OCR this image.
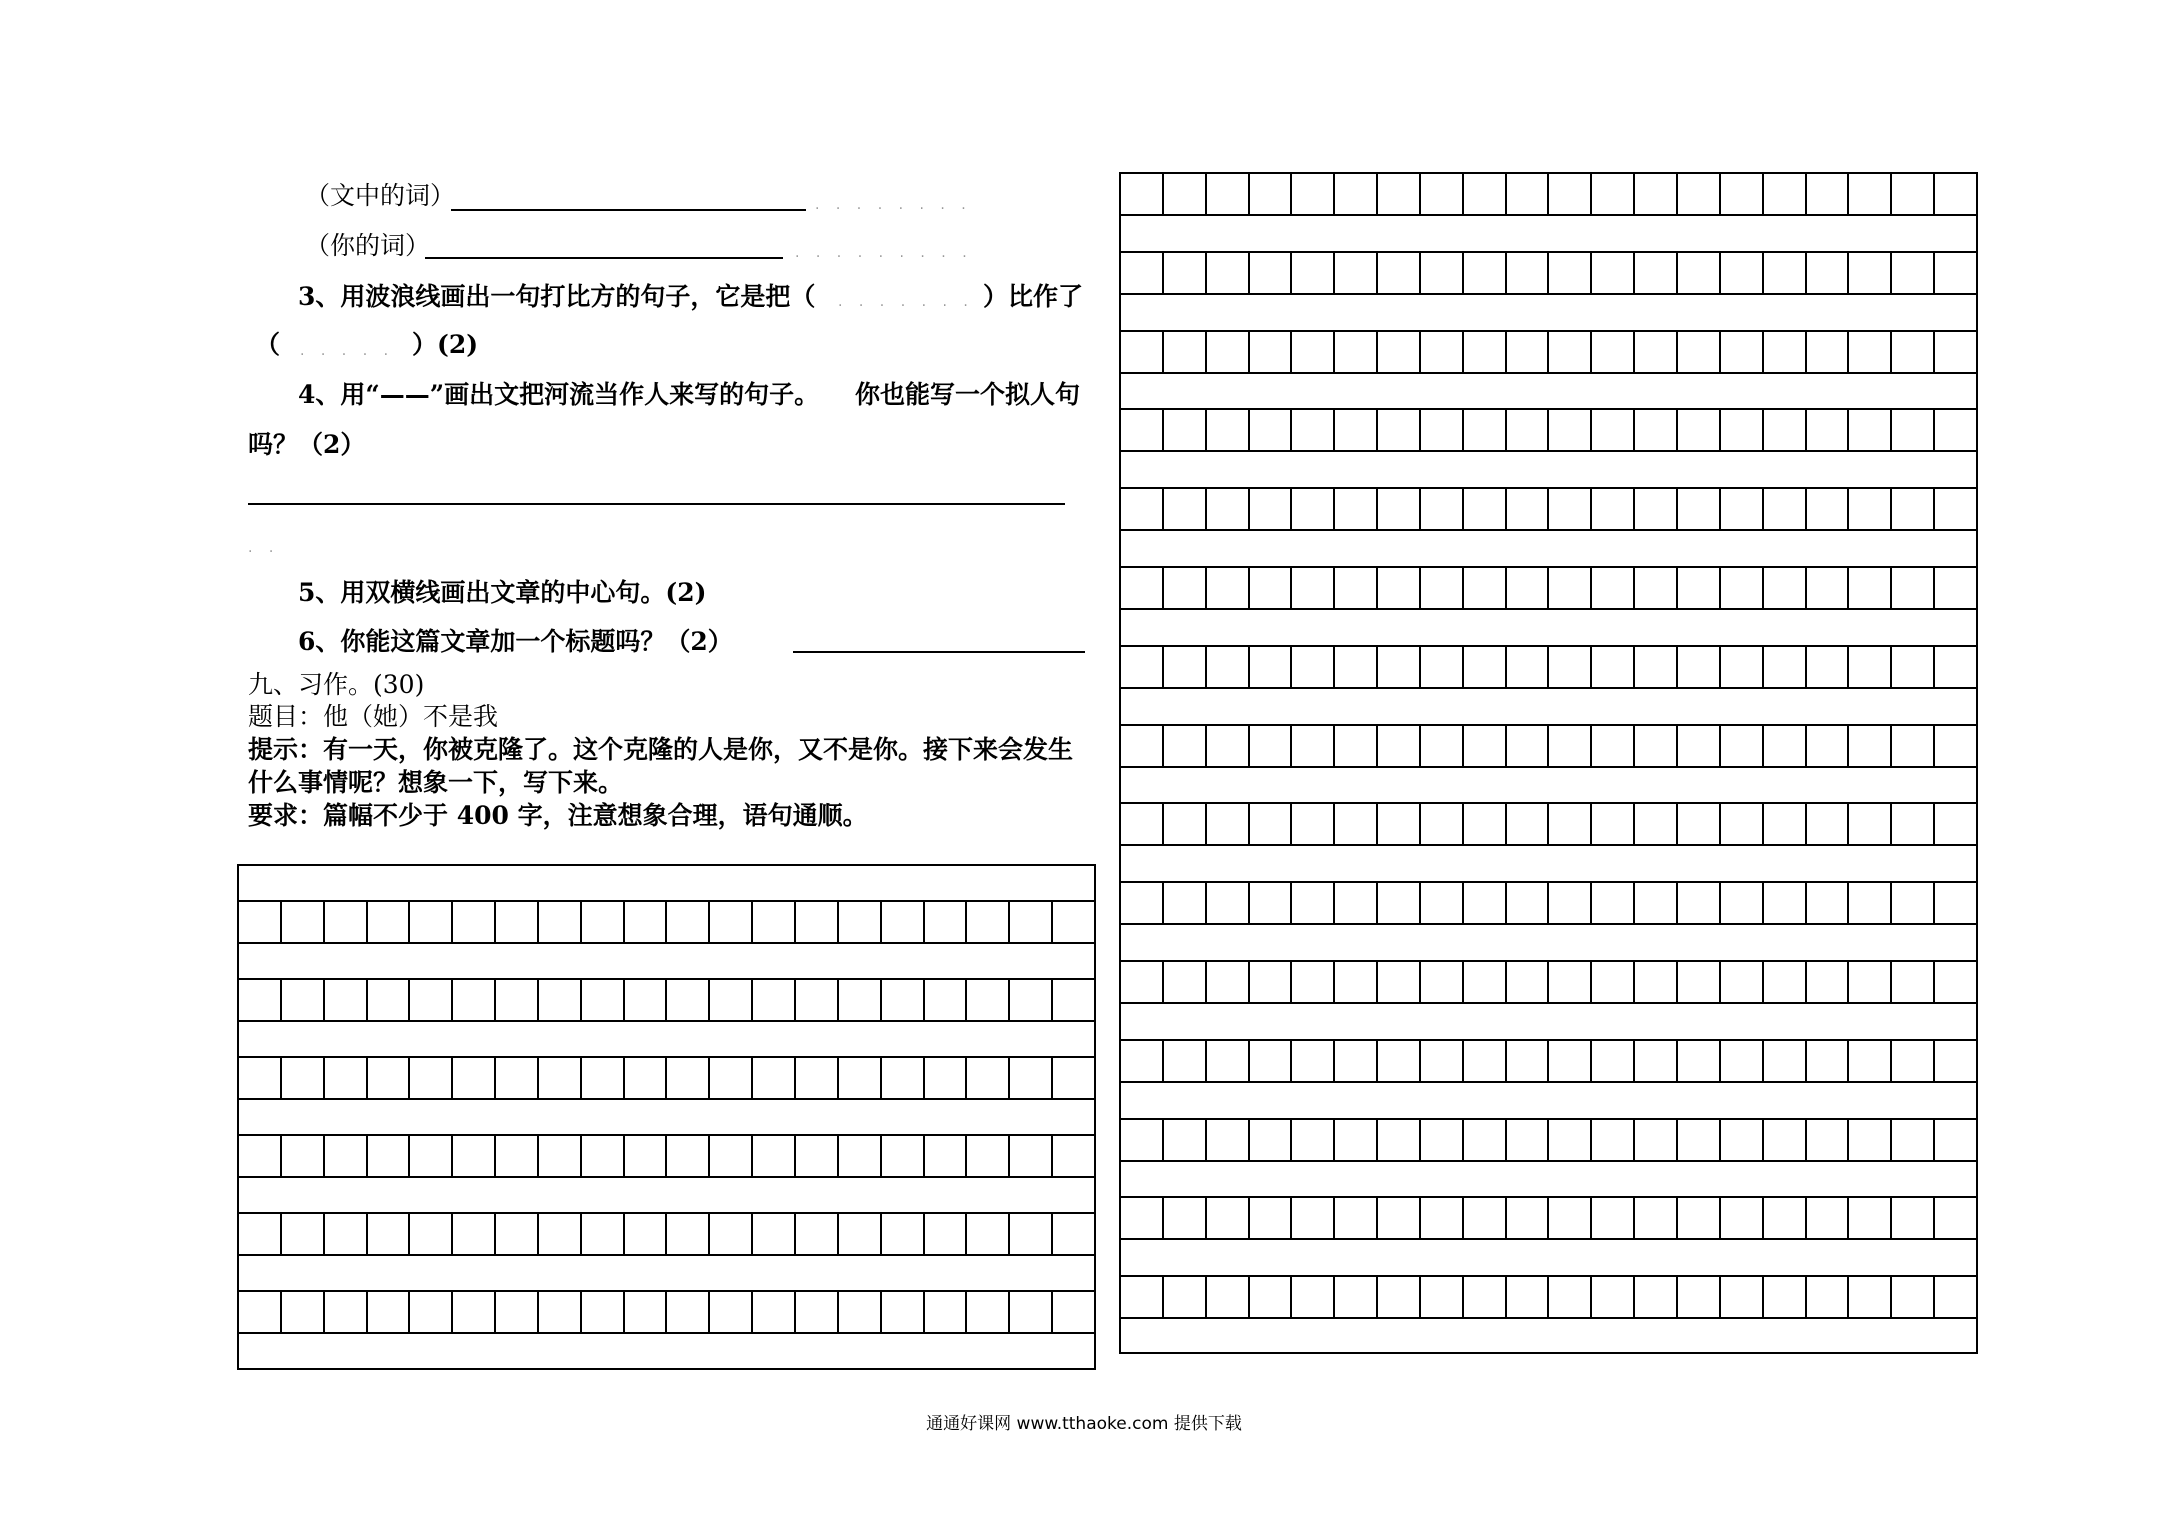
（文中的词）	. . . . . . . .
（你的词）	. . . . . . . . .
3、用波浪线画出一句打比方的句子，它是把（ . . . . . . . ）比作了
（ . . . . . ）(2)
4、用“——”画出文把河流当作人来写的句子。 你也能写一个拟人句
吗？（2）
. .
5、用双横线画出文章的中心句。(2)
6、你能这篇文章加一个标题吗？（2）
九、习作。(30)
题目：他（她）不是我
提示：有一天，你被克隆了。这个克隆的人是你，又不是你。接下来会发生
什么事情呢？想象一下，写下来。
要求：篇幅不少于 400 字，注意想象合理，语句通顺。
通通好课网 www.tthaoke.com 提供下载
